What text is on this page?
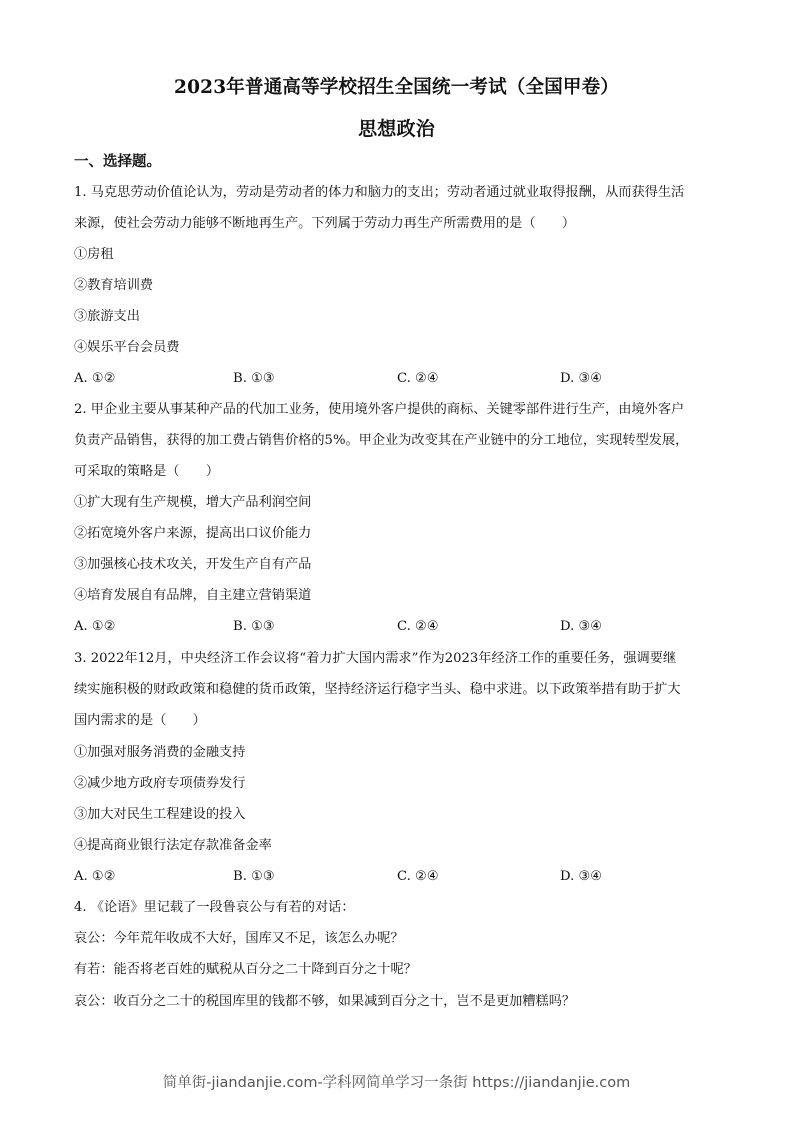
2023年普通高等学校招生全国统一考试（全国甲卷）
思想政治
一、选择题。
1. 马克思劳动价值论认为，劳动是劳动者的体力和脑力的支出；劳动者通过就业取得报酬，从而获得生活
来源，使社会劳动力能够不断地再生产。下列属于劳动力再生产所需费用的是（　　）
①房租
②教育培训费
③旅游支出
④娱乐平台会员费
A. ①②	B. ①③	C. ②④	D. ③④
2. 甲企业主要从事某种产品的代加工业务，使用境外客户提供的商标、关键零部件进行生产，由境外客户
负责产品销售，获得的加工费占销售价格的5%。甲企业为改变其在产业链中的分工地位，实现转型发展，
可采取的策略是（　　）
①扩大现有生产规模，增大产品利润空间
②拓宽境外客户来源，提高出口议价能力
③加强核心技术攻关，开发生产自有产品
④培育发展自有品牌，自主建立营销渠道
A. ①②	B. ①③	C. ②④	D. ③④
3. 2022年12月，中央经济工作会议将“着力扩大国内需求”作为2023年经济工作的重要任务，强调要继
续实施积极的财政政策和稳健的货币政策，坚持经济运行稳字当头、稳中求进。以下政策举措有助于扩大
国内需求的是（　　）
①加强对服务消费的金融支持
②减少地方政府专项债券发行
③加大对民生工程建设的投入
④提高商业银行法定存款准备金率
A. ①②	B. ①③	C. ②④	D. ③④
4. 《论语》里记载了一段鲁哀公与有若的对话：
哀公：今年荒年收成不大好，国库又不足，该怎么办呢？
有若：能否将老百姓的赋税从百分之二十降到百分之十呢？
哀公：收百分之二十的税国库里的钱都不够，如果减到百分之十，岂不是更加糟糕吗？
简单街-jiandanjie.com-学科网简单学习一条街 https://jiandanjie.com
